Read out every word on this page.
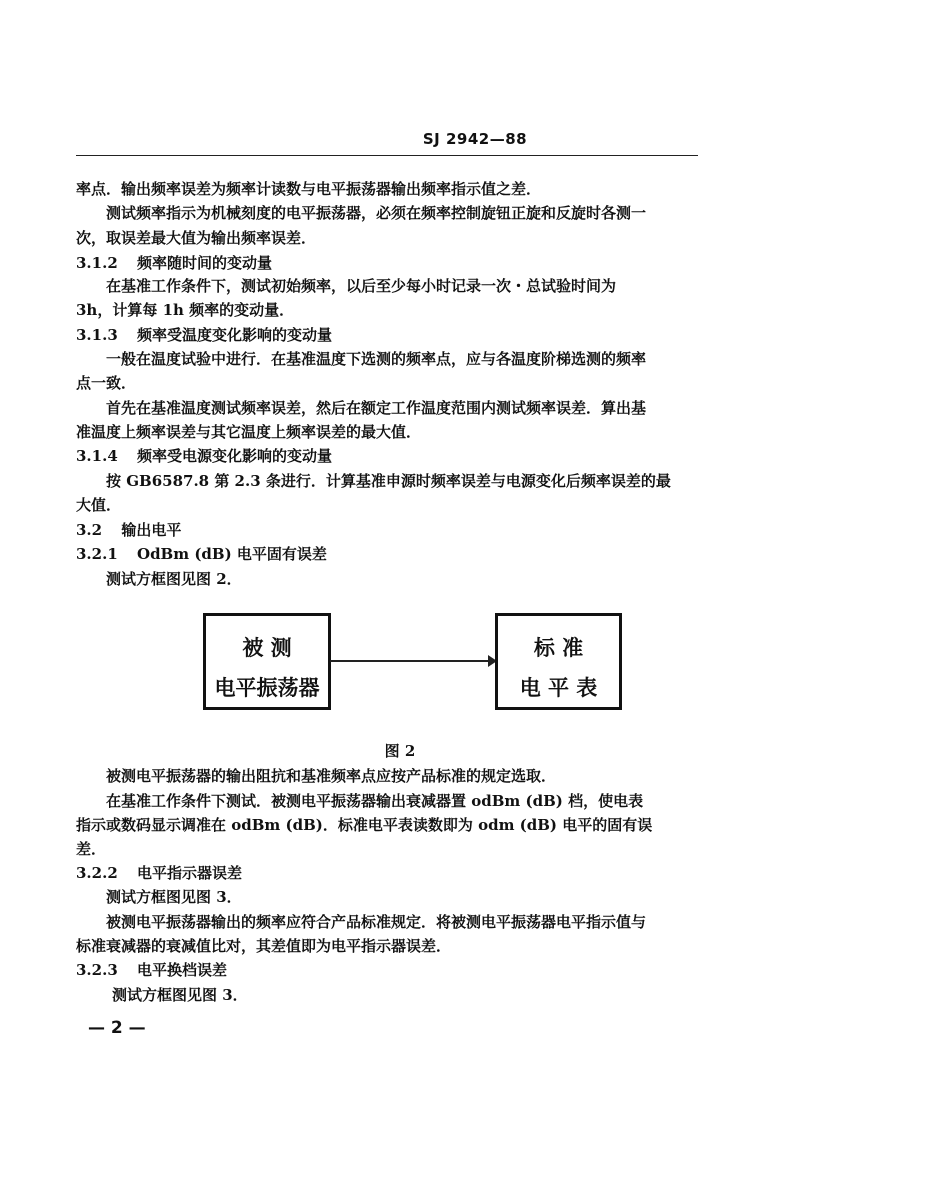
SJ 2942—88
率点．输出频率误差为频率计读数与电平振荡器输出频率指示值之差．
测试频率指示为机械刻度的电平振荡器，必须在频率控制旋钮正旋和反旋时各测一
次，取误差最大值为输出频率误差．
3.1.2 频率随时间的变动量
在基准工作条件下，测试初始频率，以后至少每小时记录一次・总试验时间为
3h，计算每 1h 频率的变动量．
3.1.3 频率受温度变化影响的变动量
一般在温度试验中进行．在基准温度下选测的频率点，应与各温度阶梯选测的频率
点一致．
首先在基准温度测试频率误差，然后在额定工作温度范围内测试频率误差．算出基
准温度上频率误差与其它温度上频率误差的最大值．
3.1.4 频率受电源变化影响的变动量
按 GB6587.8 第 2.3 条进行．计算基准申源时频率误差与电源变化后频率误差的最
大值．
3.2 输出电平
3.2.1 OdBm (dB) 电平固有误差
测试方框图见图 2．
被 测
电平振荡器
标 准
电 平 表
图 2
被测电平振荡器的输出阻抗和基准频率点应按产品标准的规定选取．
在基准工作条件下测试．被测电平振荡器输出衰减器置 odBm (dB) 档，使电表
指示或数码显示调准在 odBm (dB)．标准电平表读数即为 odm (dB) 电平的固有误
差．
3.2.2 电平指示器误差
测试方框图见图 3．
被测电平振荡器输出的频率应符合产品标准规定．将被测电平振荡器电平指示值与
标准衰减器的衰减值比对，其差值即为电平指示器误差．
3.2.3 电平换档误差
测试方框图见图 3．
— 2 —
